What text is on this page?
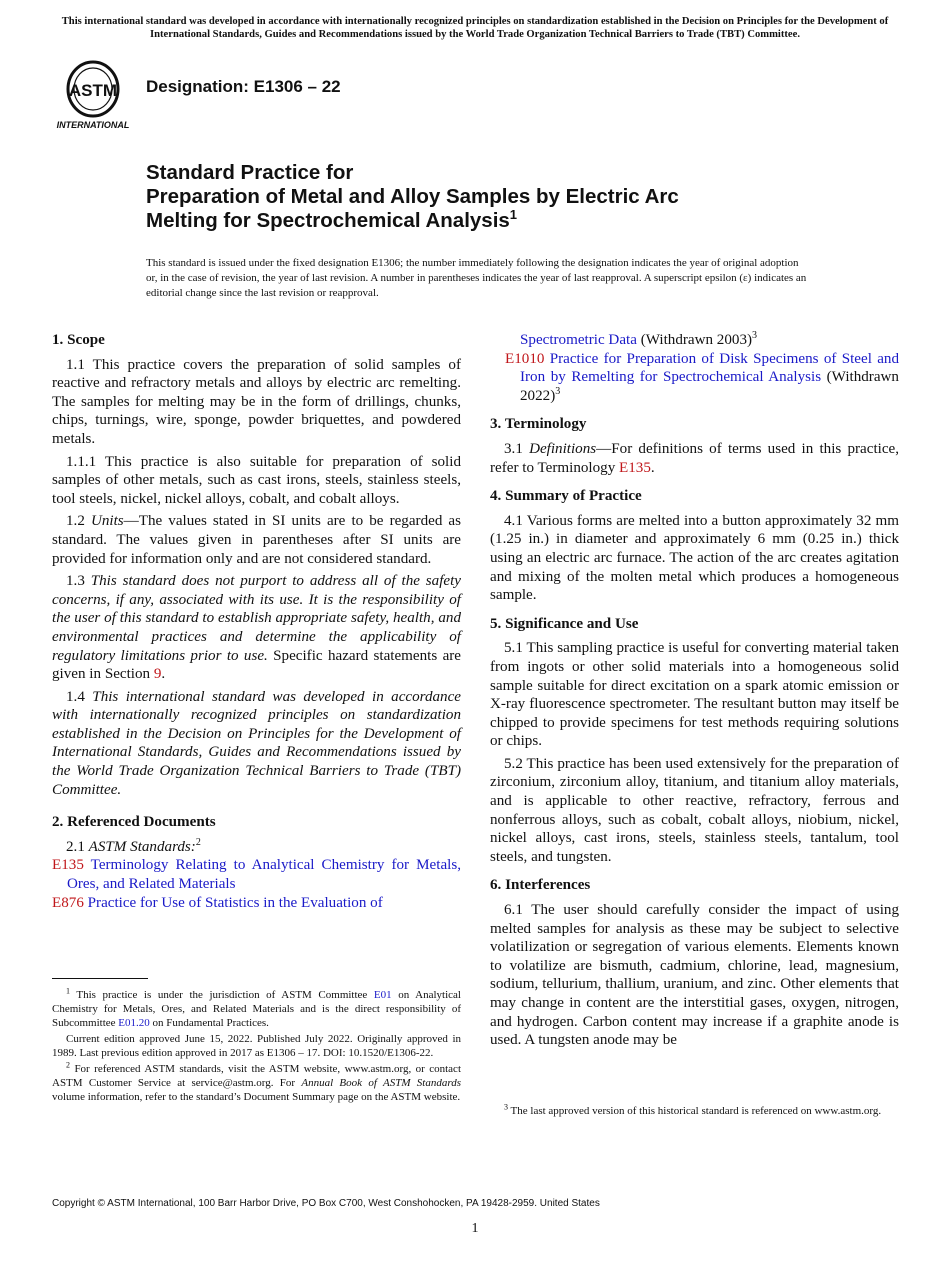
This international standard was developed in accordance with internationally recognized principles on standardization established in the Decision on Principles for the Development of International Standards, Guides and Recommendations issued by the World Trade Organization Technical Barriers to Trade (TBT) Committee.
ASTM
INTERNATIONAL
Designation: E1306 – 22
Standard Practice for
Preparation of Metal and Alloy Samples by Electric Arc
Melting for Spectrochemical Analysis$^1$
This standard is issued under the fixed designation E1306; the number immediately following the designation indicates the year of original adoption or, in the case of revision, the year of last revision. A number in parentheses indicates the year of last reapproval. A superscript epsilon (ε) indicates an editorial change since the last revision or reapproval.
1. Scope

1.1 This practice covers the preparation of solid samples of reactive and refractory metals and alloys by electric arc remelting. The samples for melting may be in the form of drillings, chunks, chips, turnings, wire, sponge, powder briquettes, and powdered metals.

1.1.1 This practice is also suitable for preparation of solid samples of other metals, such as cast irons, steels, stainless steels, tool steels, nickel, nickel alloys, cobalt, and cobalt alloys.

1.2 Units—The values stated in SI units are to be regarded as standard. The values given in parentheses after SI units are provided for information only and are not considered standard.

1.3 This standard does not purport to address all of the safety concerns, if any, associated with its use. It is the responsibility of the user of this standard to establish appropriate safety, health, and environmental practices and determine the applicability of regulatory limitations prior to use. Specific hazard statements are given in Section 9.

1.4 This international standard was developed in accordance with internationally recognized principles on standardization established in the Decision on Principles for the Development of International Standards, Guides and Recommendations issued by the World Trade Organization Technical Barriers to Trade (TBT) Committee.

2. Referenced Documents

2.1 ASTM Standards:$^2$

E135 Terminology Relating to Analytical Chemistry for Metals, Ores, and Related Materials

E876 Practice for Use of Statistics in the Evaluation of

Spectrometric Data (Withdrawn 2003)$^3$

E1010 Practice for Preparation of Disk Specimens of Steel and Iron by Remelting for Spectrochemical Analysis (Withdrawn 2022)$^3$

3. Terminology

3.1 Definitions—For definitions of terms used in this practice, refer to Terminology E135.

4. Summary of Practice

4.1 Various forms are melted into a button approximately 32 mm (1.25 in.) in diameter and approximately 6 mm (0.25 in.) thick using an electric arc furnace. The action of the arc creates agitation and mixing of the molten metal which produces a homogeneous sample.

5. Significance and Use

5.1 This sampling practice is useful for converting material taken from ingots or other solid materials into a homogeneous solid sample suitable for direct excitation on a spark atomic emission or X-ray fluorescence spectrometer. The resultant button may itself be chipped to provide specimens for test methods requiring solutions or chips.

5.2 This practice has been used extensively for the preparation of zirconium, zirconium alloy, titanium, and titanium alloy materials, and is applicable to other reactive, refractory, ferrous and nonferrous alloys, such as cobalt, cobalt alloys, niobium, nickel, nickel alloys, cast irons, steels, stainless steels, tantalum, tool steels, and tungsten.

6. Interferences

6.1 The user should carefully consider the impact of using melted samples for analysis as these may be subject to selective volatilization or segregation of various elements. Elements known to volatilize are bismuth, cadmium, chlorine, lead, magnesium, sodium, tellurium, thallium, uranium, and zinc. Other elements that may change in content are the interstitial gases, oxygen, nitrogen, and hydrogen. Carbon content may increase if a graphite anode is used. A tungsten anode may be

$^1$ This practice is under the jurisdiction of ASTM Committee E01 on Analytical Chemistry for Metals, Ores, and Related Materials and is the direct responsibility of Subcommittee E01.20 on Fundamental Practices.

Current edition approved June 15, 2022. Published July 2022. Originally approved in 1989. Last previous edition approved in 2017 as E1306 – 17. DOI: 10.1520/E1306-22.

$^2$ For referenced ASTM standards, visit the ASTM website, www.astm.org, or contact ASTM Customer Service at service@astm.org. For Annual Book of ASTM Standards volume information, refer to the standard’s Document Summary page on the ASTM website.

$^3$ The last approved version of this historical standard is referenced on www.astm.org.

Copyright © ASTM International, 100 Barr Harbor Drive, PO Box C700, West Conshohocken, PA 19428-2959. United States
1
